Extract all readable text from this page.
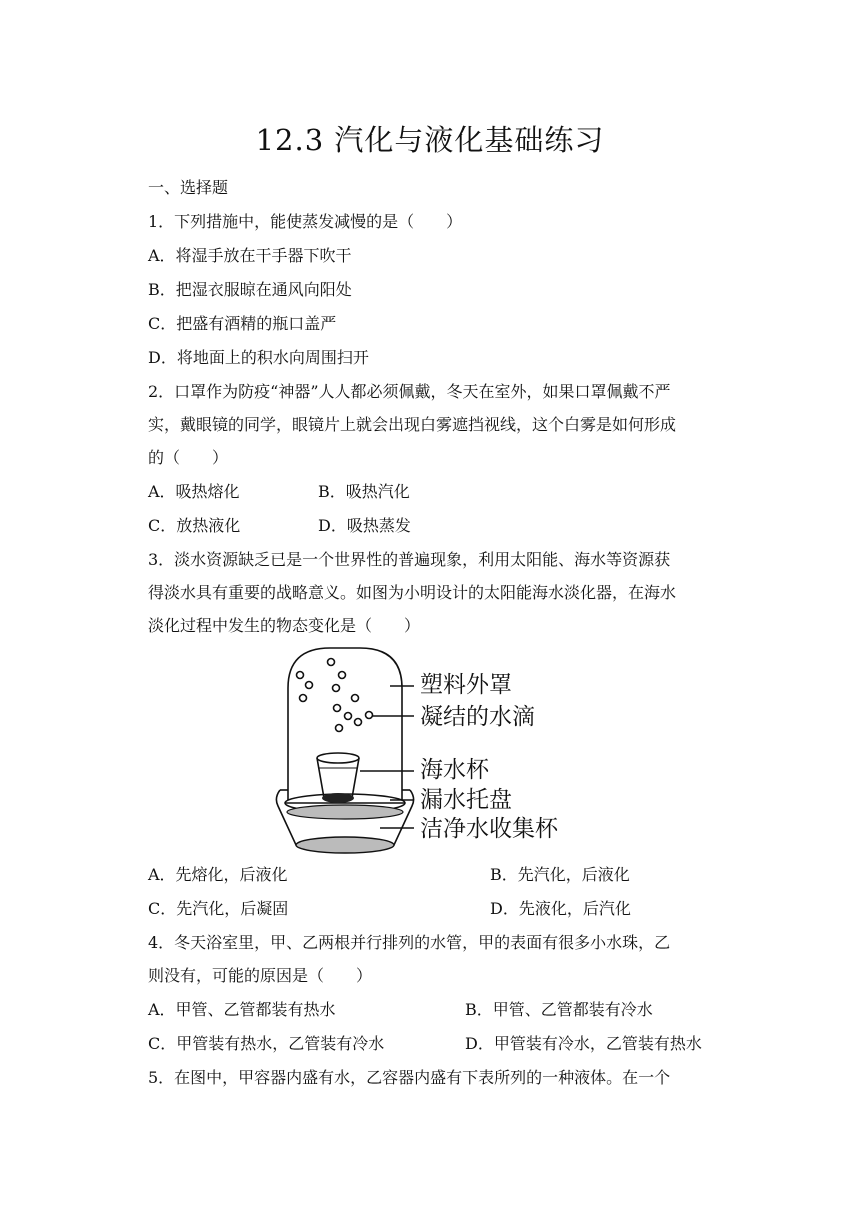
12.3 汽化与液化基础练习
一、选择题
1．下列措施中，能使蒸发减慢的是（　　）
A．将湿手放在干手器下吹干
B．把湿衣服晾在通风向阳处
C．把盛有酒精的瓶口盖严
D．将地面上的积水向周围扫开
2．口罩作为防疫“神器”人人都必须佩戴，冬天在室外，如果口罩佩戴不严
实，戴眼镜的同学，眼镜片上就会出现白雾遮挡视线，这个白雾是如何形成
的（　　）
A．吸热熔化	B．吸热汽化
C．放热液化	D．吸热蒸发
3．淡水资源缺乏已是一个世界性的普遍现象，利用太阳能、海水等资源获
得淡水具有重要的战略意义。如图为小明设计的太阳能海水淡化器，在海水
淡化过程中发生的物态变化是（　　）
塑料外罩
凝结的水滴
海水杯
漏水托盘
洁净水收集杯
A．先熔化，后液化	B．先汽化，后液化
C．先汽化，后凝固	D．先液化，后汽化
4．冬天浴室里，甲、乙两根并行排列的水管，甲的表面有很多小水珠，乙
则没有，可能的原因是（　　）
A．甲管、乙管都装有热水	B．甲管、乙管都装有冷水
C．甲管装有热水，乙管装有冷水	D．甲管装有冷水，乙管装有热水
5．在图中，甲容器内盛有水，乙容器内盛有下表所列的一种液体。在一个
